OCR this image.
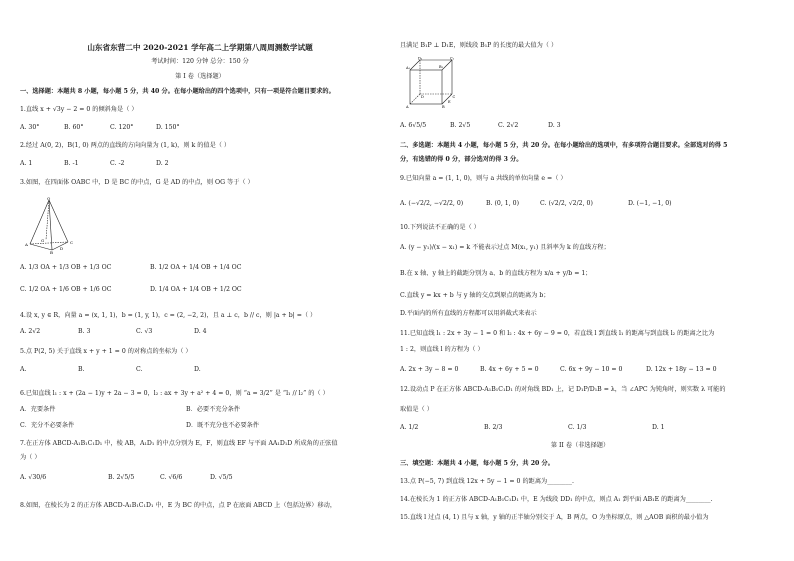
山东省东营二中 2020-2021 学年高二上学期第八周周测数学试题
考试时间：120 分钟 总分：150 分
第 I 卷（选择题）
一、选择题：本题共 8 小题，每小题 5 分，共 40 分。在每小题给出的四个选项中，只有一项是符合题目要求的。
1.直线 x + √3y − 2 = 0 的倾斜角是（ ）
A. 30°	B. 60°	C. 120°	D. 150°
2.经过 A(0, 2)，B(1, 0) 两点的直线的方向向量为 (1, k)，则 k 的值是（ ）
A. 1	B. -1	C. -2	D. 2
3.如图，在四面体 OABC 中，D 是 BC 的中点，G 是 AD 的中点，则 OG 等于（ ）
O
A	C
B
D
G
A. 1/3 OA + 1/3 OB + 1/3 OC	B. 1/2 OA + 1/4 OB + 1/4 OC
C. 1/2 OA + 1/6 OB + 1/6 OC	D. 1/4 OA + 1/4 OB + 1/2 OC
4.设 x, y ∈ R，向量 a = (x, 1, 1)，b = (1, y, 1)，c = (2, −2, 2)，且 a ⊥ c，b // c，则 |a + b| =（ ）
A. 2√2	B. 3	C. √3	D. 4
5.点 P(2, 5) 关于直线 x + y + 1 = 0 的对称点的坐标为（ ）
A.	B.	C.	D.
6.已知直线 l₁ : x + (2a − 1)y + 2a − 3 = 0，l₂ : ax + 3y + a² + 4 = 0，则 “a = 3/2” 是 “l₁ // l₂” 的（ ）
A．充要条件	B．必要不充分条件
C．充分不必要条件	D．既不充分也不必要条件
7.在正方体 ABCD-A₁B₁C₁D₁ 中，棱 AB，A₁D₁ 的中点分别为 E，F，则直线 EF 与平面 AA₁D₁D 所成角的正弦值
为（ ）
A. √30/6	B. 2√5/5	C. √6/6	D. √5/5
8.如图，在棱长为 2 的正方体 ABCD-A₁B₁C₁D₁ 中，E 为 BC 的中点，点 P 在底面 ABCD 上（包括边界）移动，
且满足 B₁P ⊥ D₁E，则线段 B₁P 的长度的最大值为（ ）
A₁	B₁
C₁
D₁
A	B
C
D
E
A. 6√5/5	B. 2√5	C. 2√2	D. 3
二、多选题：本题共 4 小题，每小题 5 分，共 20 分。在每小题给出的选项中，有多项符合题目要求。全部选对的得 5
分，有选错的得 0 分，部分选对的得 3 分。
9.已知向量 a = (1, 1, 0)，则与 a 共线的单位向量 e =（ ）
A. (−√2/2, −√2/2, 0)	B. (0, 1, 0)	C. (√2/2, √2/2, 0)	D. (−1, −1, 0)
10.下列说法不正确的是（ ）
A. (y − y₁)/(x − x₁) = k 不能表示过点 M(x₁, y₁) 且斜率为 k 的直线方程；
B.在 x 轴、y 轴上的截距分别为 a、b 的直线方程为 x/a + y/b = 1；
C.直线 y = kx + b 与 y 轴的交点到原点的距离为 b；
D.平面内的所有直线的方程都可以用斜截式来表示
11.已知直线 l₁ : 2x + 3y − 1 = 0 和 l₂ : 4x + 6y − 9 = 0，若直线 l 到直线 l₁ 的距离与到直线 l₂ 的距离之比为
1 : 2，则直线 l 的方程为（ ）
A. 2x + 3y − 8 = 0	B. 4x + 6y + 5 = 0	C. 6x + 9y − 10 = 0	D. 12x + 18y − 13 = 0
12.设动点 P 在正方体 ABCD-A₁B₁C₁D₁ 的对角线 BD₁ 上，记 D₁P/D₁B = λ，当 ∠APC 为钝角时，则实数 λ 可能的
取值是（ ）
A. 1/2	B. 2/3	C. 1/3	D. 1
第 II 卷（非选择题）
三、填空题：本题共 4 小题，每小题 5 分，共 20 分。
13.点 P(−5, 7) 到直线 12x + 5y − 1 = 0 的距离为________.
14.在棱长为 1 的正方体 ABCD-A₁B₁C₁D₁ 中，E 为线段 DD₁ 的中点，则点 A₁ 到平面 AB₁E 的距离为________.
15.直线 l 过点 (4, 1) 且与 x 轴，y 轴的正半轴分别交于 A，B 两点，O 为坐标原点，则 △AOB 面积的最小值为
